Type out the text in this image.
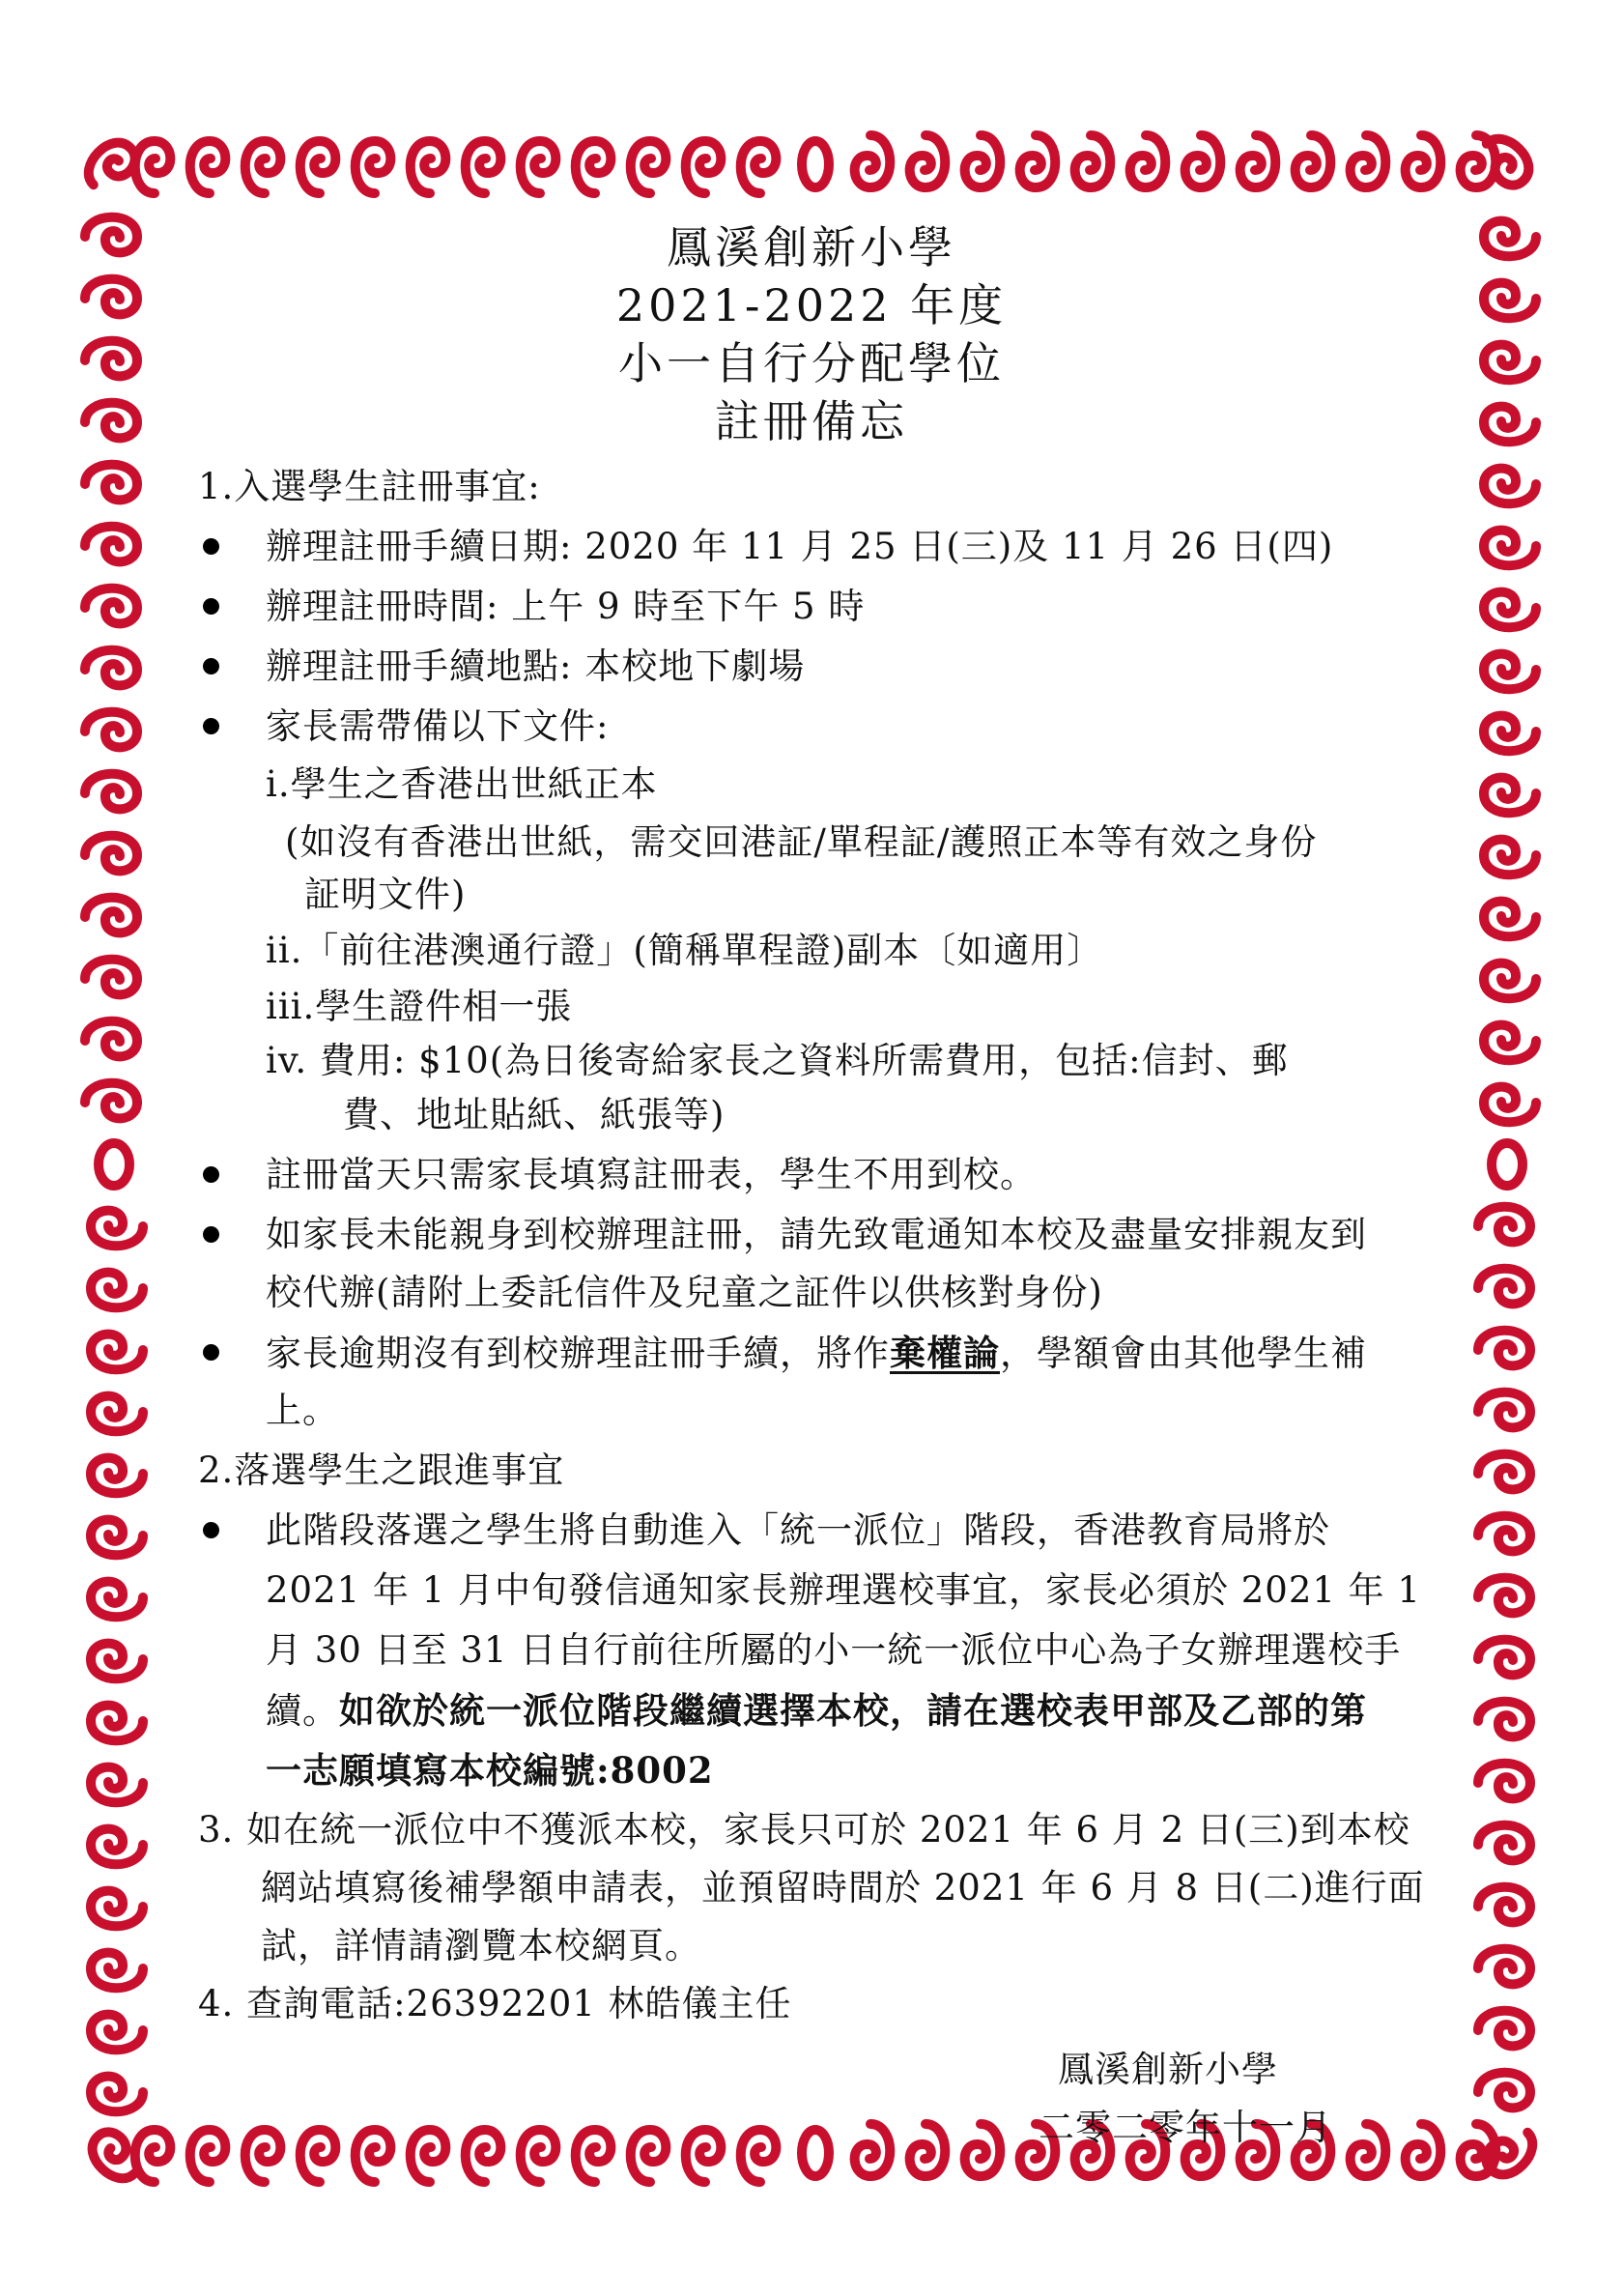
鳳溪創新小學
2021-2022 年度
小一自行分配學位
註冊備忘
1.入選學生註冊事宜:
辦理註冊手續日期: 2020 年 11 月 25 日(三)及 11 月 26 日(四)
辦理註冊時間: 上午 9 時至下午 5 時
辦理註冊手續地點: 本校地下劇場
家長需帶備以下文件:
i.學生之香港出世紙正本
(如沒有香港出世紙，需交回港証/單程証/護照正本等有效之身份
証明文件)
ii.「前往港澳通行證」(簡稱單程證)副本〔如適用〕
iii.學生證件相一張
iv. 費用: $10(為日後寄給家長之資料所需費用，包括:信封、郵
費、地址貼紙、紙張等)
註冊當天只需家長填寫註冊表，學生不用到校。
如家長未能親身到校辦理註冊，請先致電通知本校及盡量安排親友到
校代辦(請附上委託信件及兒童之証件以供核對身份)
家長逾期沒有到校辦理註冊手續，將作棄權論，學額會由其他學生補
上。
2.落選學生之跟進事宜
此階段落選之學生將自動進入「統一派位」階段，香港教育局將於
2021 年 1 月中旬發信通知家長辦理選校事宜，家長必須於 2021 年 1
月 30 日至 31 日自行前往所屬的小一統一派位中心為子女辦理選校手
續。如欲於統一派位階段繼續選擇本校，請在選校表甲部及乙部的第
一志願填寫本校編號:8002
3. 如在統一派位中不獲派本校，家長只可於 2021 年 6 月 2 日(三)到本校
網站填寫後補學額申請表，並預留時間於 2021 年 6 月 8 日(二)進行面
試，詳情請瀏覽本校網頁。
4. 查詢電話:26392201 林皓儀主任
鳳溪創新小學
二零二零年十一月
